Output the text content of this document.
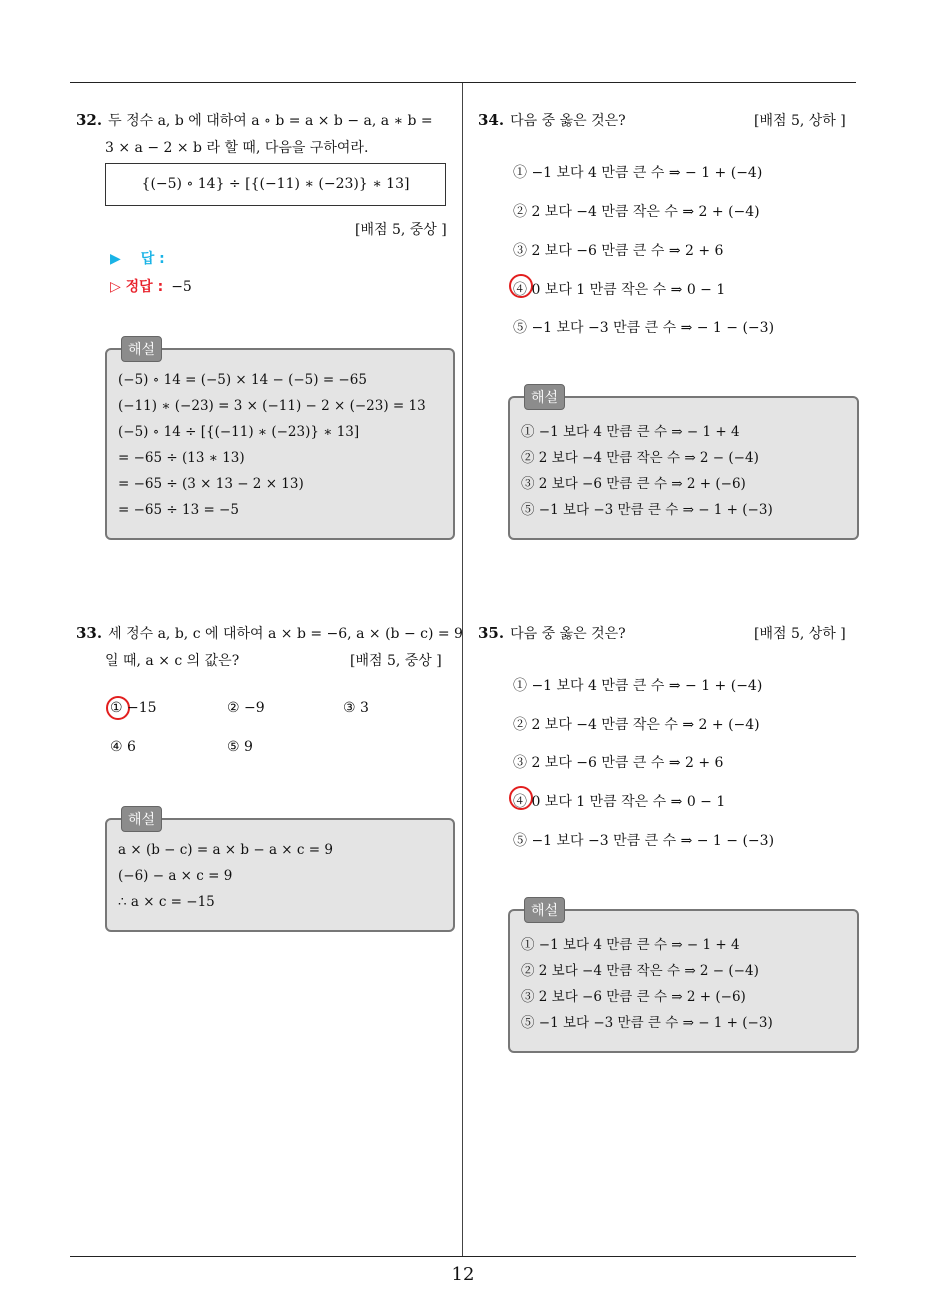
32. 두 정수 a, b 에 대하여 a ∘ b = a × b − a, a ∗ b =
3 × a − 2 × b 라 할 때, 다음을 구하여라.
{(−5) ∘ 14} ÷ [{(−11) ∗ (−23)} ∗ 13]
[배점 5, 중상 ]
▶ 답 :
▷ 정답 : −5
해설
(−5) ∘ 14 = (−5) × 14 − (−5) = −65
(−11) ∗ (−23) = 3 × (−11) − 2 × (−23) = 13
(−5) ∘ 14 ÷ [{(−11) ∗ (−23)} ∗ 13]
= −65 ÷ (13 ∗ 13)
= −65 ÷ (3 × 13 − 2 × 13)
= −65 ÷ 13 = −5
33. 세 정수 a, b, c 에 대하여 a × b = −6, a × (b − c) = 9
일 때, a × c 의 값은?	[배점 5, 중상 ]
① −15	② −9	③ 3
④ 6	⑤ 9
해설
a × (b − c) = a × b − a × c = 9
(−6) − a × c = 9
∴ a × c = −15
34. 다음 중 옳은 것은?	[배점 5, 상하 ]
① −1 보다 4 만큼 큰 수 ⇒ − 1 + (−4)
② 2 보다 −4 만큼 작은 수 ⇒ 2 + (−4)
③ 2 보다 −6 만큼 큰 수 ⇒ 2 + 6
④ 0 보다 1 만큼 작은 수 ⇒ 0 − 1
⑤ −1 보다 −3 만큼 큰 수 ⇒ − 1 − (−3)
해설
① −1 보다 4 만큼 큰 수 ⇒ − 1 + 4
② 2 보다 −4 만큼 작은 수 ⇒ 2 − (−4)
③ 2 보다 −6 만큼 큰 수 ⇒ 2 + (−6)
⑤ −1 보다 −3 만큼 큰 수 ⇒ − 1 + (−3)
35. 다음 중 옳은 것은?	[배점 5, 상하 ]
① −1 보다 4 만큼 큰 수 ⇒ − 1 + (−4)
② 2 보다 −4 만큼 작은 수 ⇒ 2 + (−4)
③ 2 보다 −6 만큼 큰 수 ⇒ 2 + 6
④ 0 보다 1 만큼 작은 수 ⇒ 0 − 1
⑤ −1 보다 −3 만큼 큰 수 ⇒ − 1 − (−3)
해설
① −1 보다 4 만큼 큰 수 ⇒ − 1 + 4
② 2 보다 −4 만큼 작은 수 ⇒ 2 − (−4)
③ 2 보다 −6 만큼 큰 수 ⇒ 2 + (−6)
⑤ −1 보다 −3 만큼 큰 수 ⇒ − 1 + (−3)
12
